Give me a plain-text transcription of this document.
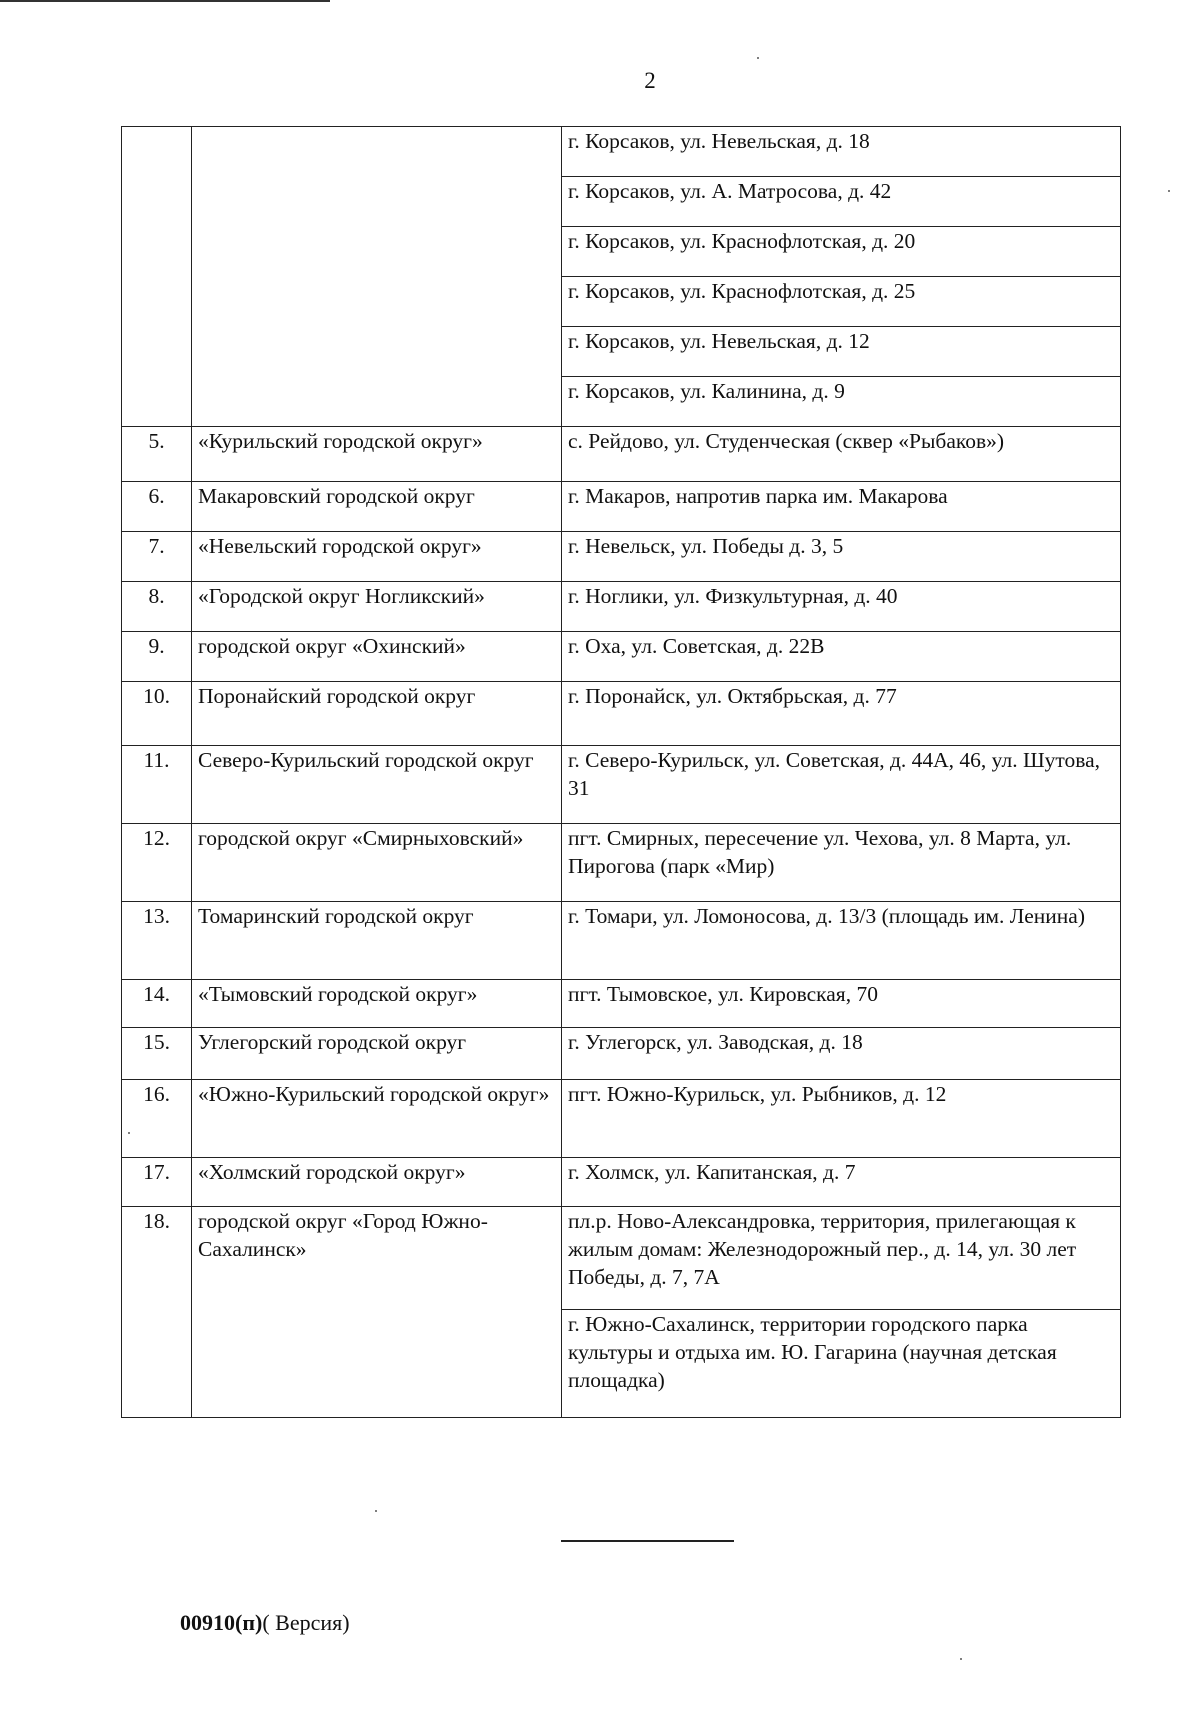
2
		г. Корсаков, ул. Невельская, д. 18
		г. Корсаков, ул. А. Матросова, д. 42
		г. Корсаков, ул. Краснофлотская, д. 20
		г. Корсаков, ул. Краснофлотская, д. 25
		г. Корсаков, ул. Невельская, д. 12
		г. Корсаков, ул. Калинина, д. 9
5.	«Курильский городской округ»	с. Рейдово, ул. Студенческая (сквер «Рыбаков»)
6.	Макаровский городской округ	г. Макаров, напротив парка им. Макарова
7.	«Невельский городской округ»	г. Невельск, ул. Победы д. 3, 5
8.	«Городской округ Ногликский»	г. Ноглики, ул. Физкультурная, д. 40
9.	городской округ «Охинский»	г. Оха, ул. Советская, д. 22В
10.	Поронайский городской округ	г. Поронайск, ул. Октябрьская, д. 77
11.	Северо-Курильский городской округ	г. Северо-Курильск, ул. Советская, д. 44А, 46, ул. Шутова, 31
12.	городской округ «Смирныховский»	пгт. Смирных, пересечение ул. Чехова, ул. 8 Марта, ул. Пирогова (парк «Мир)
13.	Томаринский городской округ	г. Томари, ул. Ломоносова, д. 13/3 (площадь им. Ленина)
14.	«Тымовский городской округ»	пгт. Тымовское, ул. Кировская, 70
15.	Углегорский городской округ	г. Углегорск, ул. Заводская, д. 18
16.	«Южно-Курильский городской округ»	пгт. Южно-Курильск, ул. Рыбников, д. 12
17.	«Холмский городской округ»	г. Холмск, ул. Капитанская, д. 7
18.	городской округ «Город Южно-Сахалинск»	пл.р. Ново-Александровка, территория, прилегающая к жилым домам: Железнодорожный пер., д. 14, ул. 30 лет Победы, д. 7, 7А
		г. Южно-Сахалинск, территории городского парка культуры и отдыха им. Ю. Гагарина (научная детская площадка)
00910(п)( Версия)
